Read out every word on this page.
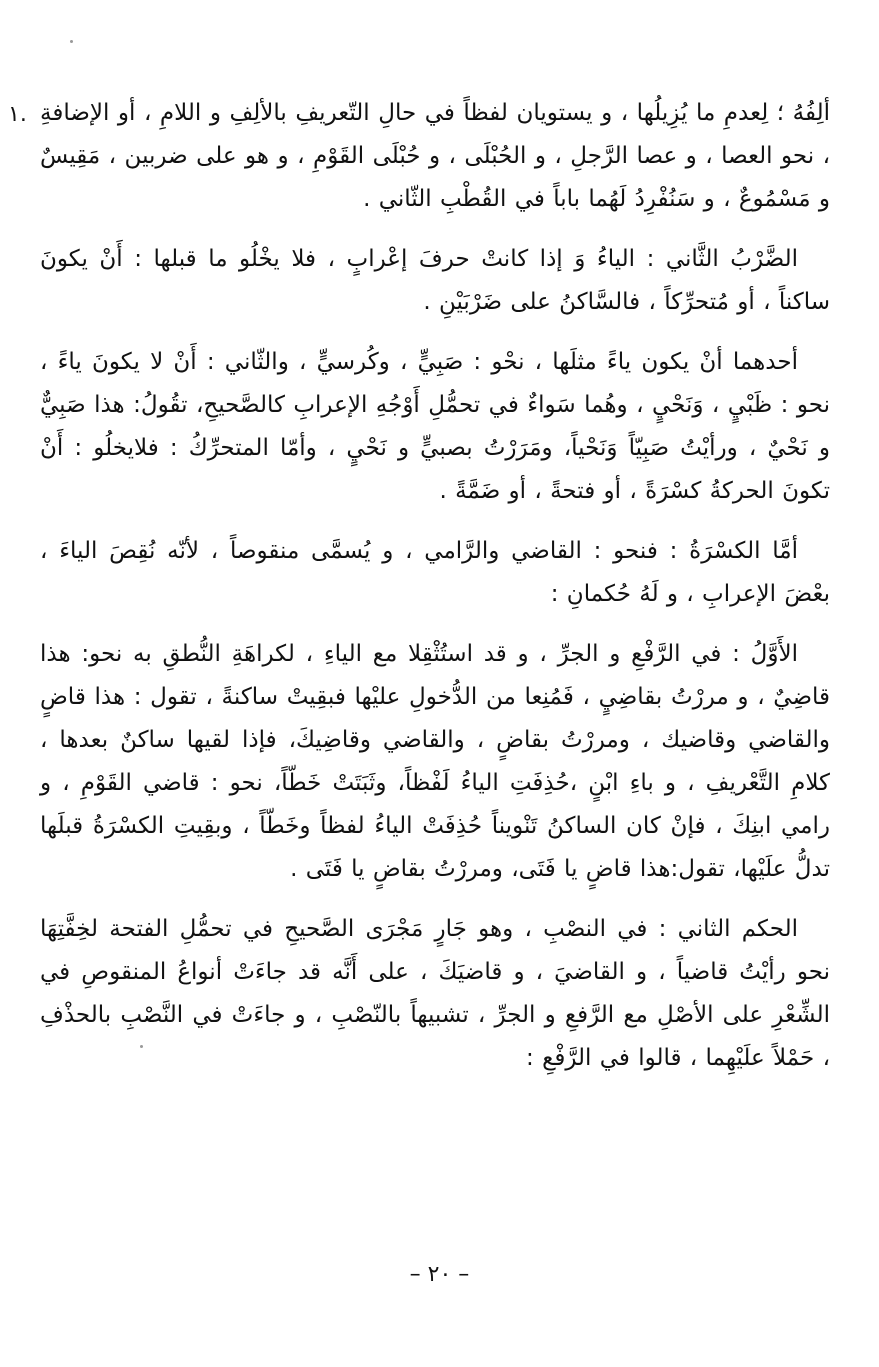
ألِفُهُ ؛ لِعدمِ ما يُزِيلُها ، و يستويان لفظاً في حالِ التّعريفِ بالألِفِ و اللامِ ، أو الإضافةِ ، نحو العصا ، و عصا الرَّجلِ ، و الحُبْلَى ، و حُبْلَى القَوْمِ ، و هو على ضربين ، مَقِيسٌ و مَسْمُوعٌ ، و سَنُفْرِدُ لَهُما باباً في القُطْبِ الثّاني .

الضَّرْبُ الثَّاني : الياءُ وَ إذا كانتْ حرفَ إعْرابٍ ، فلا يخْلُو ما قبلها : أَنْ يكونَ ساكناً ، أو مُتحرِّكاً ، فالسَّاكنُ على ضَرْبَيْنِ .

أحدهما أنْ يكون ياءً مثلَها ، نحْو : صَبِيٍّ ، وكُرسيٍّ ، والثّاني : أَنْ لا يكونَ ياءً ، نحو : ظَبْيٍ ، وَنَحْيٍ ، وهُما سَواءٌ في تحمُّلِ أَوْجُهِ الإعرابِ كالصَّحيحِ، تقُولُ: هذا صَبِيٌّ و نَحْيٌ ، ورأيْتُ صَبِيّاً وَنَحْياً، ومَرَرْتُ بصبيٍّ و نَحْيٍ ، وأمّا المتحرِّكُ : فلايخلُو : أَنْ تكونَ الحركةُ كسْرَةً ، أو فتحةً ، أو ضَمَّةً .

أمَّا الكسْرَةُ : فنحو : القاضي والرَّامي ، و يُسمَّى منقوصاً ، لأنّه نُقِصَ الياءَ ، بعْضَ الإعرابِ ، و لَهُ حُكمانِ :

الأَوَّلُ : في الرَّفْعِ و الجرِّ ، و قد استُثْقِلا مع الياءِ ، لكراهَةِ النُّطقِ به نحو: هذا قاضِيٌ ، و مررْتُ بقاضِيٍ ، فَمُنِعا من الدُّخولِ عليْها فبقِيتْ ساكنةً ، تقول : هذا قاضٍ والقاضي وقاضيك ، ومررْتُ بقاضٍ ، والقاضي وقاضِيكَ، فإذا لقيها ساكنٌ بعدها ، كلامِ التَّعْريفِ ، و باءِ ابْنٍ ،حُذِفَتِ الياءُ لَفْظاً، وثَبَتَتْ خَطّاً، نحو : قاضي القَوْمِ ، و رامي ابنِكَ ، فإنْ كان الساكنُ تَنْويناً حُذِفَتْ الياءُ لفظاً وخَطّاً ، وبقِيتِ الكسْرَةُ قبلَها تدلُّ علَيْها، تقول:هذا قاضٍ يا فَتَى، ومررْتُ بقاضٍ يا فَتَى .

الحكم الثاني : في النصْبِ ، وهو جَارٍ مَجْرَى الصَّحيحِ في تحمُّلِ الفتحة لخِفَّتِهَا نحو رأيْتُ قاضياً ، و القاضيَ ، و قاضيَكَ ، على أَنَّه قد جاءَتْ أنواعُ المنقوصِ في الشِّعْرِ على الأصْلِ مع الرَّفعِ و الجرِّ ، تشبيهاً بالنّصْبِ ، و جاءَتْ في النَّصْبِ بالحذْفِ ، حَمْلاً علَيْهِما ، قالوا في الرَّفْعِ :

١.
– ٢٠ –
